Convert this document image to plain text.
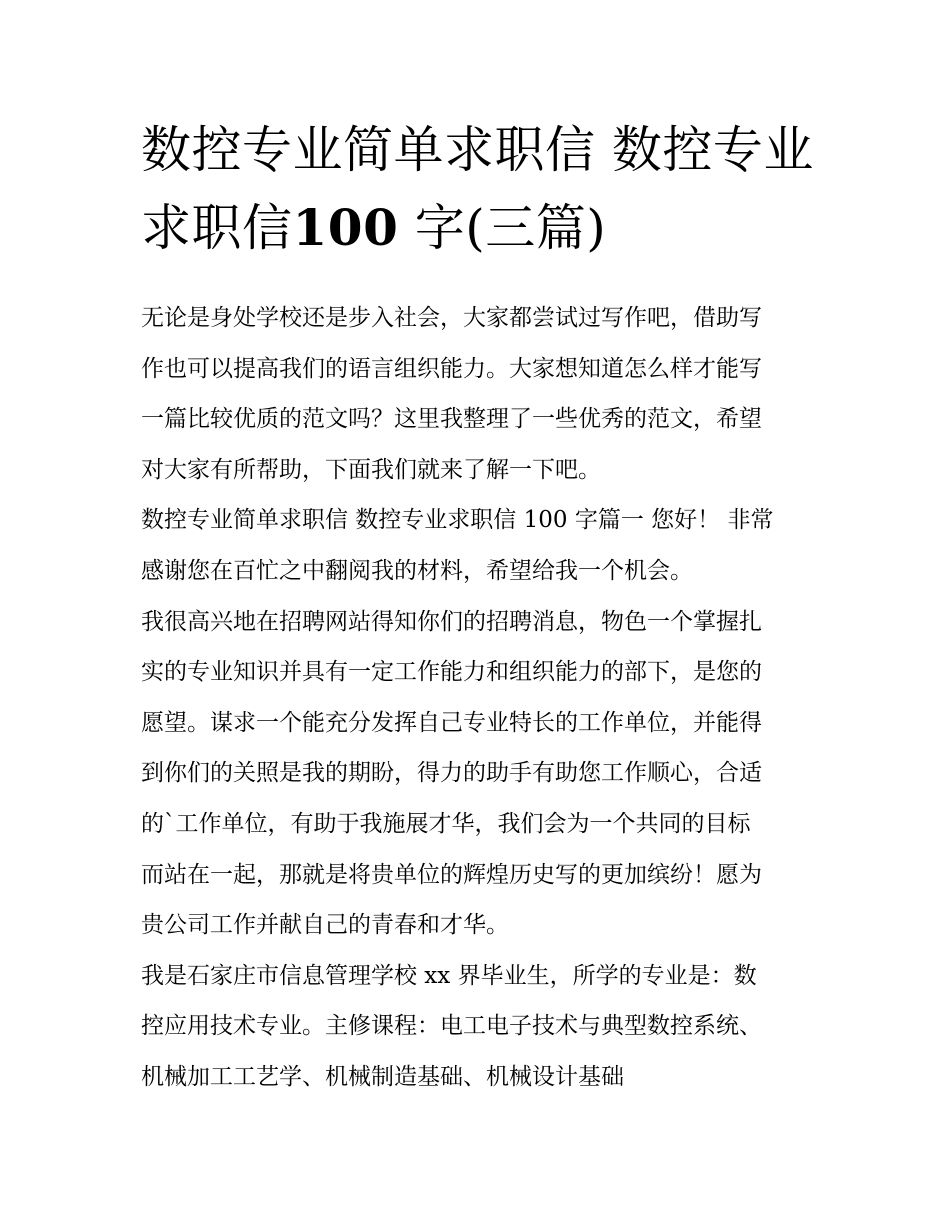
数控专业简单求职信 数控专业
求职信100 字(三篇)

无论是身处学校还是步入社会，大家都尝试过写作吧，借助写
作也可以提高我们的语言组织能力。大家想知道怎么样才能写
一篇比较优质的范文吗？这里我整理了一些优秀的范文，希望
对大家有所帮助，下面我们就来了解一下吧。

数控专业简单求职信 数控专业求职信 100 字篇一 您好！ 非常
感谢您在百忙之中翻阅我的材料，希望给我一个机会。

我很高兴地在招聘网站得知你们的招聘消息，物色一个掌握扎
实的专业知识并具有一定工作能力和组织能力的部下，是您的
愿望。谋求一个能充分发挥自己专业特长的工作单位，并能得
到你们的关照是我的期盼，得力的助手有助您工作顺心，合适
的`工作单位，有助于我施展才华，我们会为一个共同的目标
而站在一起，那就是将贵单位的辉煌历史写的更加缤纷！愿为
贵公司工作并献自己的青春和才华。

我是石家庄市信息管理学校 xx 界毕业生，所学的专业是：数
控应用技术专业。主修课程：电工电子技术与典型数控系统、
机械加工工艺学、机械制造基础、机械设计基础
